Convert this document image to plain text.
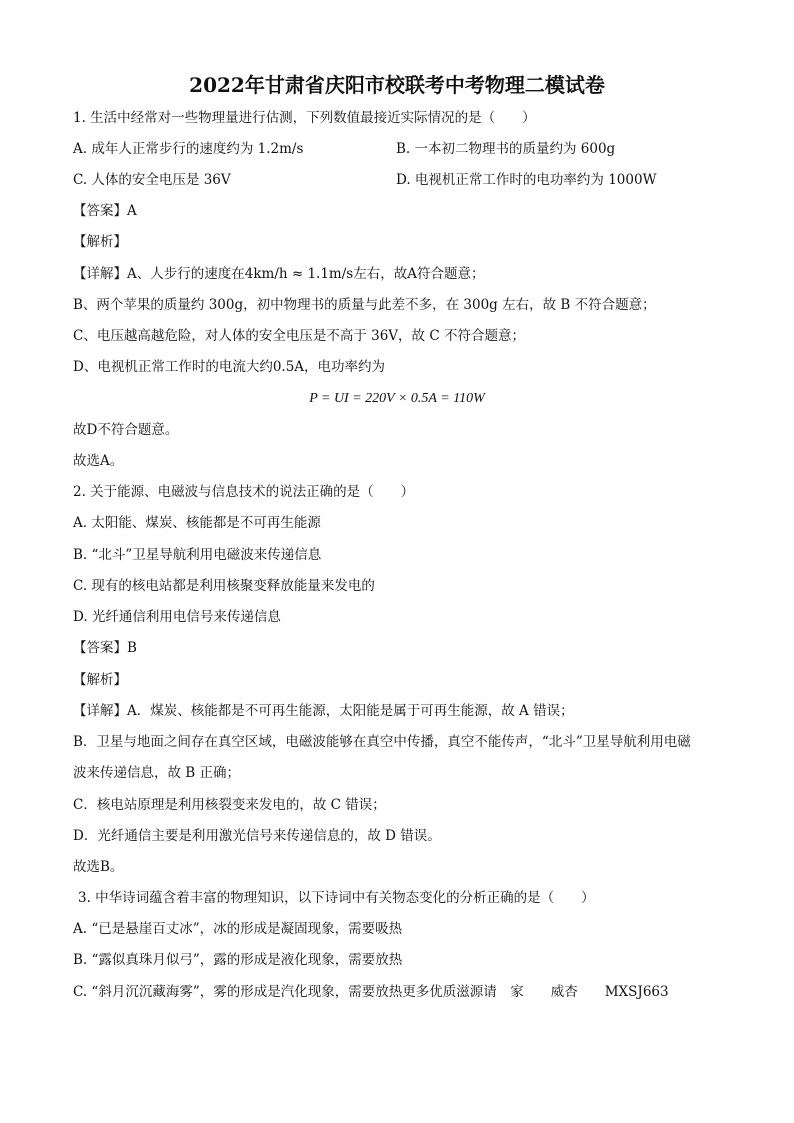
2022年甘肃省庆阳市校联考中考物理二模试卷
1. 生活中经常对一些物理量进行估测，下列数值最接近实际情况的是（　　）
A. 成年人正常步行的速度约为 1.2m/s	B. 一本初二物理书的质量约为 600g
C. 人体的安全电压是 36V	D. 电视机正常工作时的电功率约为 1000W
【答案】A
【解析】
【详解】A、人步行的速度在4km/h ≈ 1.1m/s左右，故A符合题意；
B、两个苹果的质量约 300g，初中物理书的质量与此差不多，在 300g 左右，故 B 不符合题意；
C、电压越高越危险，对人体的安全电压是不高于 36V，故 C 不符合题意；
D、电视机正常工作时的电流大约0.5A，电功率约为
P = UI = 220V × 0.5A = 110W
故D不符合题意。
故选A。
2. 关于能源、电磁波与信息技术的说法正确的是（　　）
A. 太阳能、煤炭、核能都是不可再生能源
B. “北斗”卫星导航利用电磁波来传递信息
C. 现有的核电站都是利用核聚变释放能量来发电的
D. 光纤通信利用电信号来传递信息
【答案】B
【解析】
【详解】A．煤炭、核能都是不可再生能源，太阳能是属于可再生能源，故 A 错误；
B．卫星与地面之间存在真空区域，电磁波能够在真空中传播，真空不能传声，“北斗”卫星导航利用电磁
波来传递信息，故 B 正确；
C．核电站原理是利用核裂变来发电的，故 C 错误；
D．光纤通信主要是利用激光信号来传递信息的，故 D 错误。
故选B。
3. 中华诗词蕴含着丰富的物理知识，以下诗词中有关物态变化的分析正确的是（　　）
A. “已是悬崖百丈冰”，冰的形成是凝固现象，需要吸热
B. “露似真珠月似弓”，露的形成是液化现象，需要放热
C. “斜月沉沉藏海雾”，雾的形成是汽化现象，需要放热更多优质滋源请　家　　威杏　　MXSJ663
